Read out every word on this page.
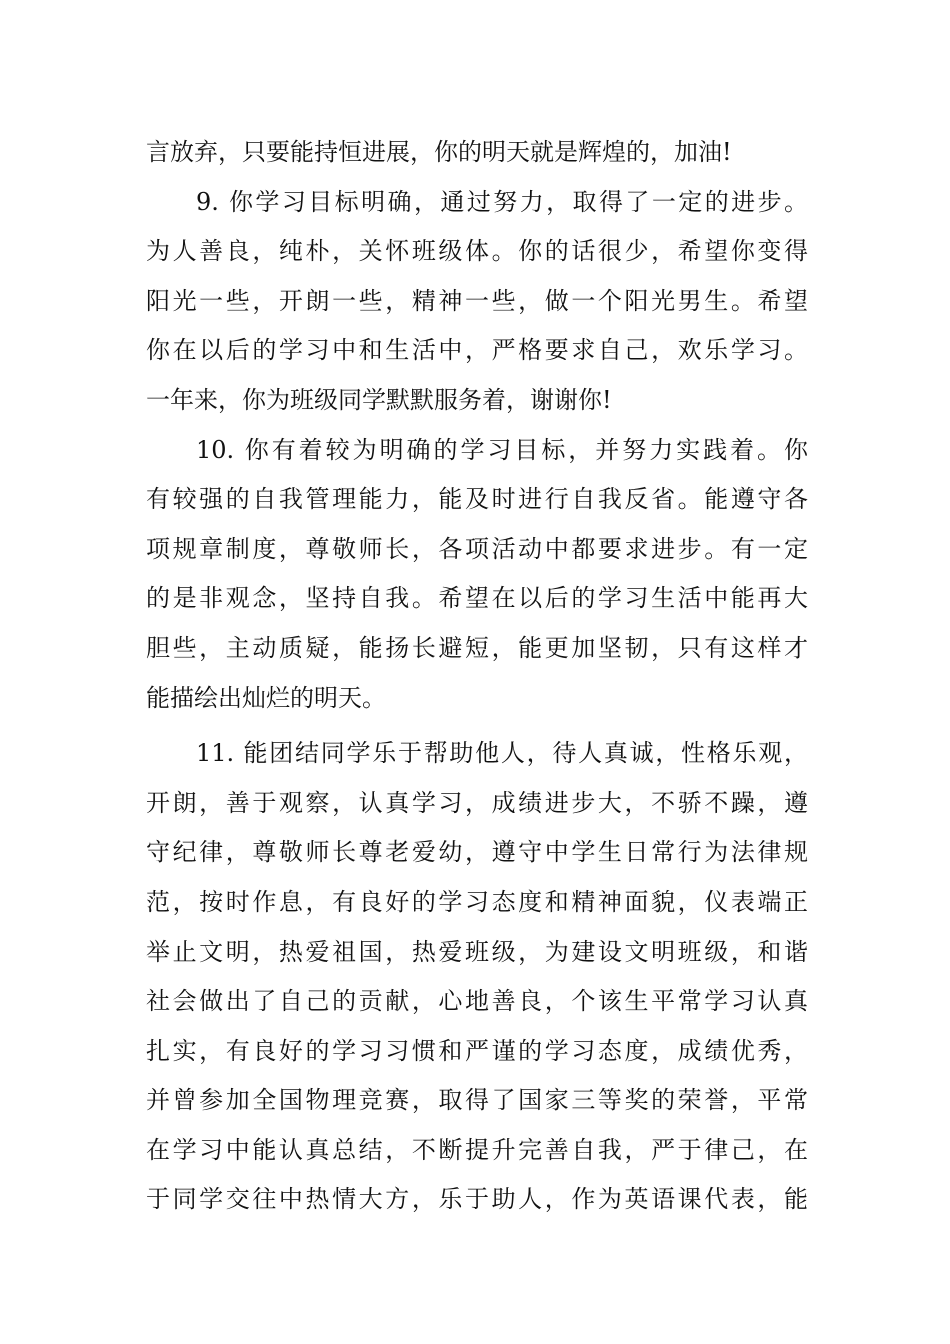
言放弃，只要能持恒进展，你的明天就是辉煌的，加油!
9. 你学习目标明确，通过努力，取得了一定的进步。
为人善良，纯朴，关怀班级体。你的话很少，希望你变得
阳光一些，开朗一些，精神一些，做一个阳光男生。希望
你在以后的学习中和生活中，严格要求自己，欢乐学习。
一年来，你为班级同学默默服务着，谢谢你!
10. 你有着较为明确的学习目标，并努力实践着。你
有较强的自我管理能力，能及时进行自我反省。能遵守各
项规章制度，尊敬师长，各项活动中都要求进步。有一定
的是非观念，坚持自我。希望在以后的学习生活中能再大
胆些，主动质疑，能扬长避短，能更加坚韧，只有这样才
能描绘出灿烂的明天。
11. 能团结同学乐于帮助他人，待人真诚，性格乐观，
开朗，善于观察，认真学习，成绩进步大，不骄不躁，遵
守纪律，尊敬师长尊老爱幼，遵守中学生日常行为法律规
范，按时作息，有良好的学习态度和精神面貌，仪表端正
举止文明，热爱祖国，热爱班级，为建设文明班级，和谐
社会做出了自己的贡献，心地善良，个该生平常学习认真
扎实，有良好的学习习惯和严谨的学习态度，成绩优秀，
并曾参加全国物理竞赛，取得了国家三等奖的荣誉，平常
在学习中能认真总结，不断提升完善自我，严于律己，在
于同学交往中热情大方，乐于助人，作为英语课代表，能
